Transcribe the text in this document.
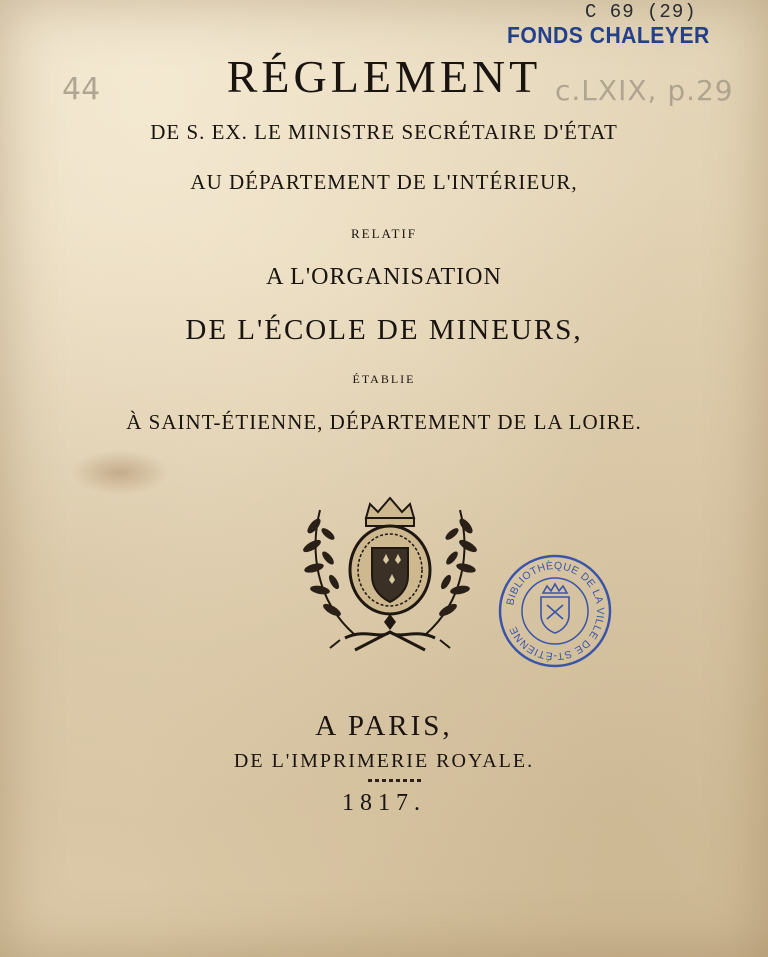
C 69 (29)
FONDS CHALEYER
44	c.LXIX, p.29
RÉGLEMENT
DE S. EX. LE MINISTRE SECRÉTAIRE D'ÉTAT
AU DÉPARTEMENT DE L'INTÉRIEUR,
RELATIF
A L'ORGANISATION
DE L'ÉCOLE DE MINEURS,
ÉTABLIE
À SAINT-ÉTIENNE, DÉPARTEMENT DE LA LOIRE.
BIBLIOTHÈQUE DE LA VILLE DE ST-ÉTIENNE
A PARIS,
DE L'IMPRIMERIE ROYALE.
1817.
